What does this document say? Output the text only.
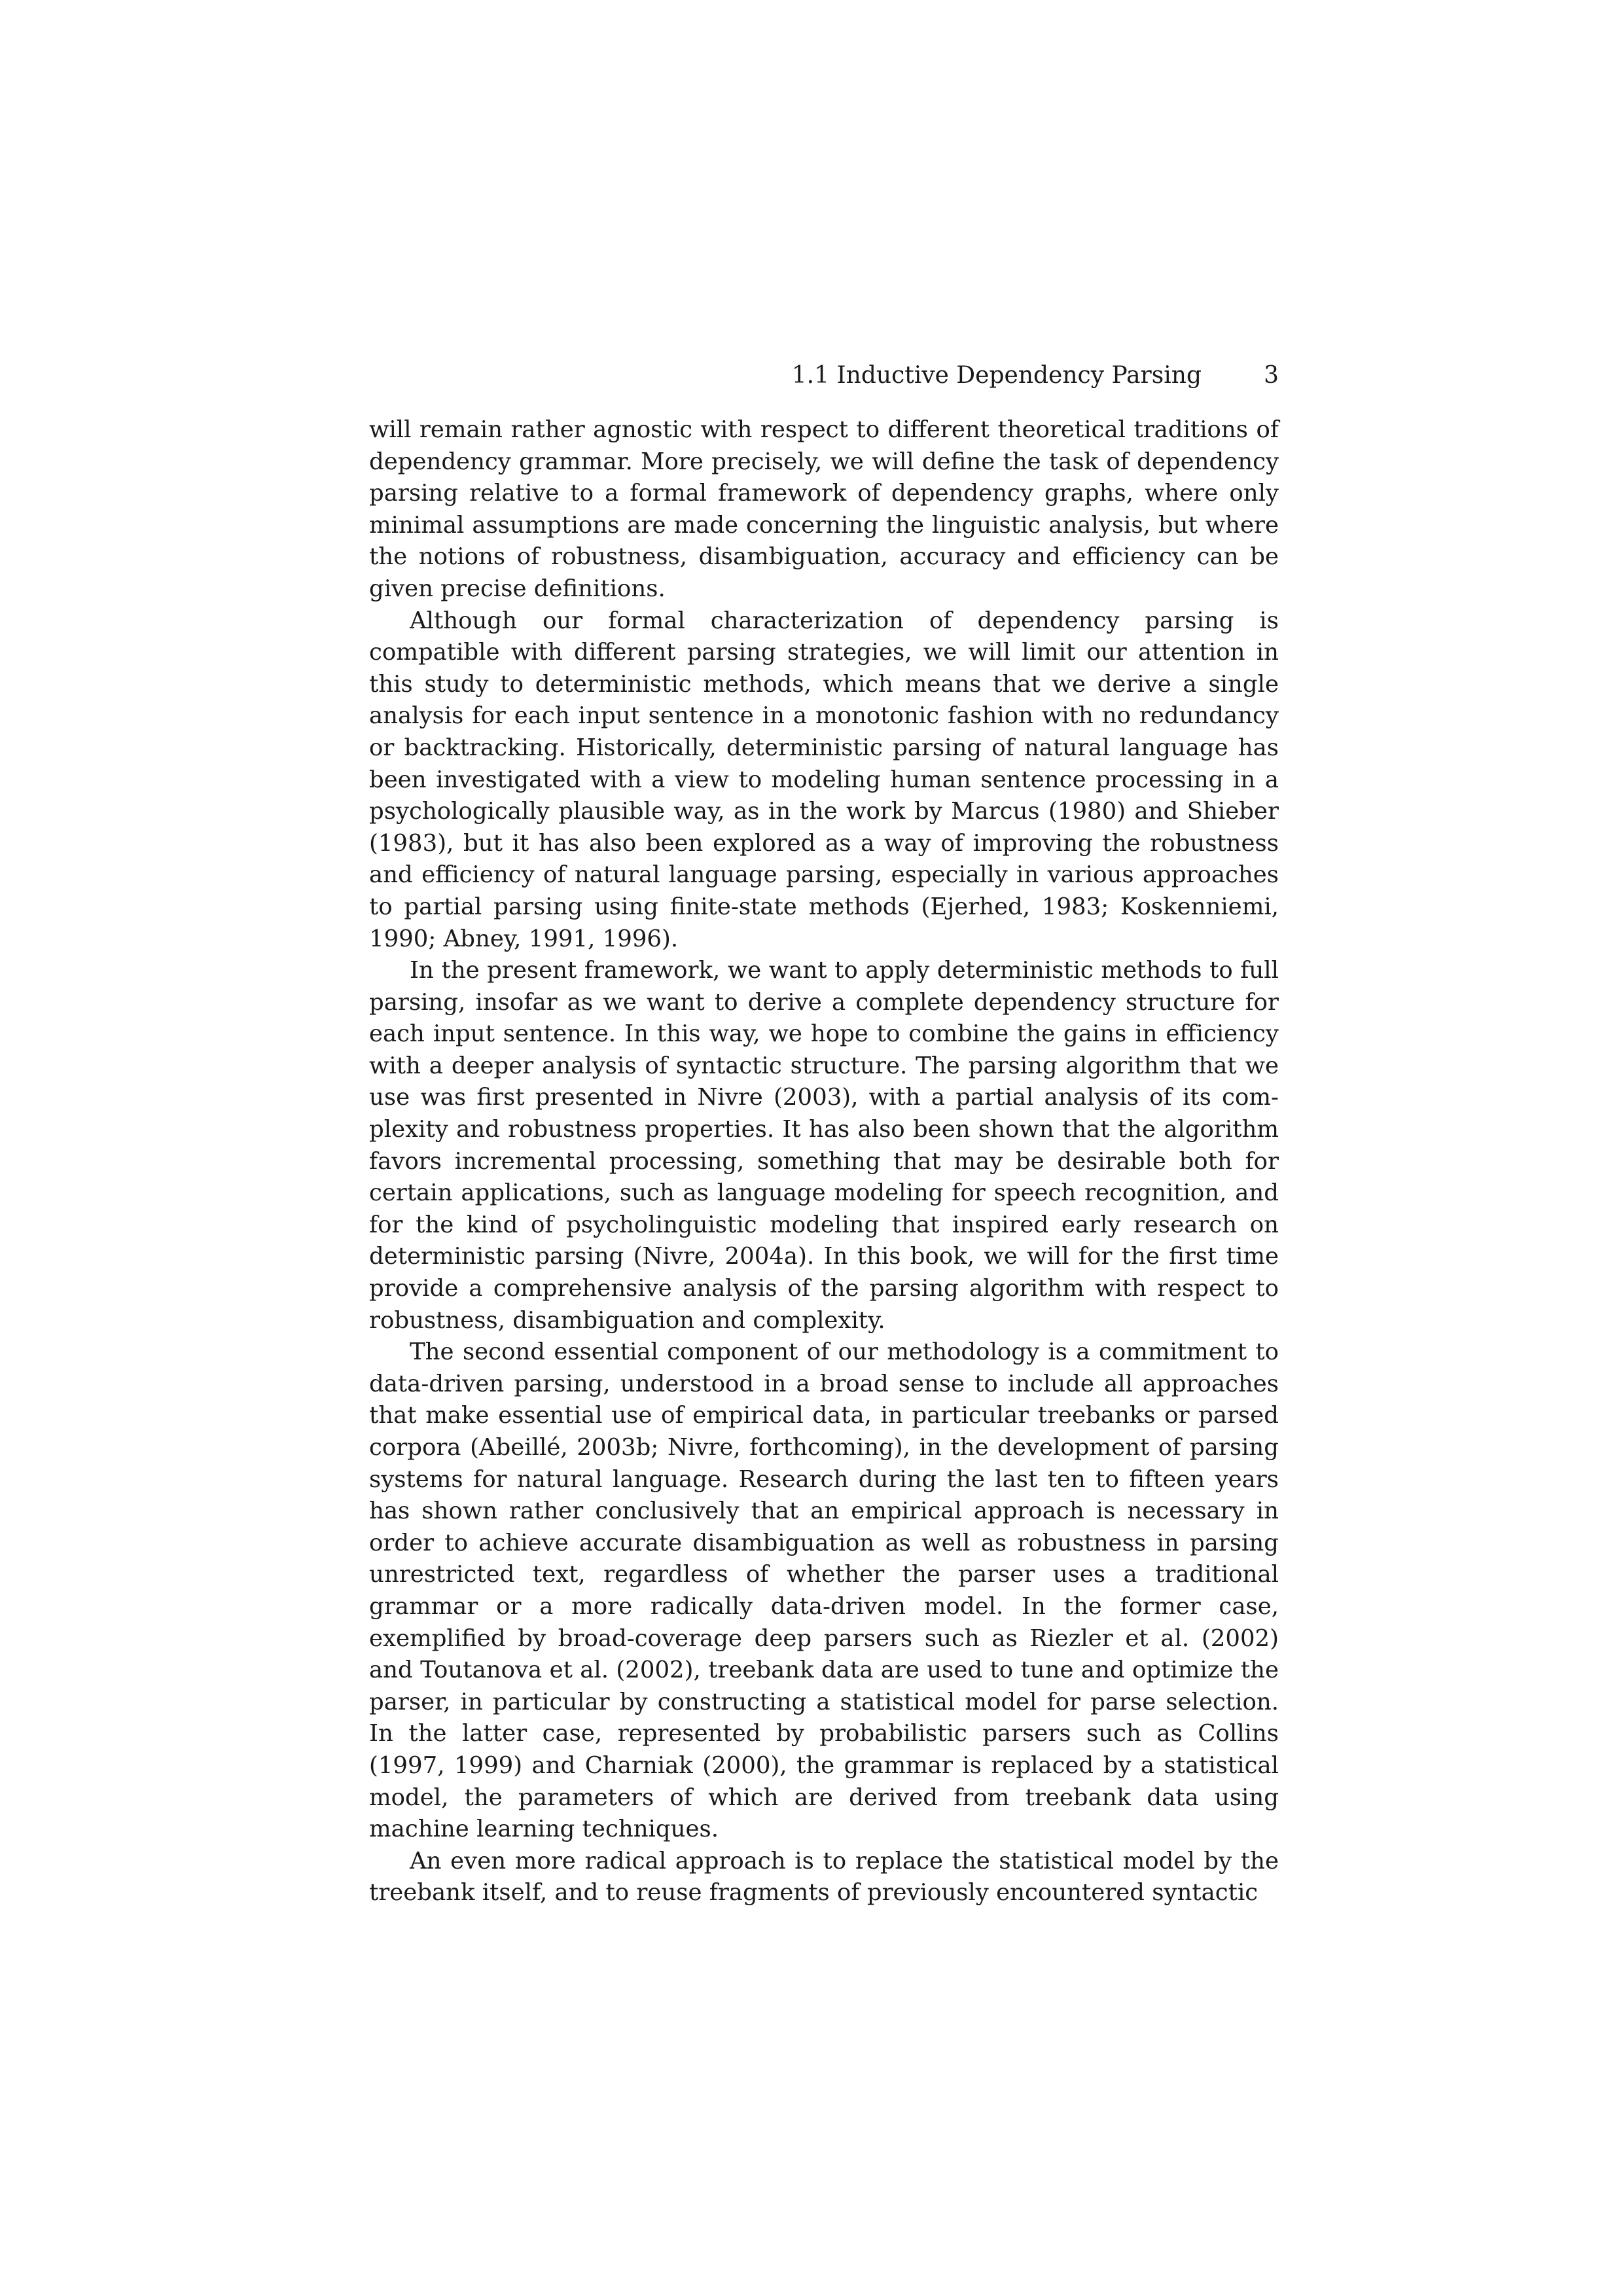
1.1 Inductive Dependency Parsing	3

will remain rather agnostic with respect to different theoretical traditions of dependency grammar. More precisely, we will define the task of dependency parsing relative to a formal framework of dependency graphs, where only minimal assumptions are made concerning the linguistic analysis, but where the notions of robustness, disambiguation, accuracy and efficiency can be given precise definitions.

Although our formal characterization of dependency parsing is compatible with different parsing strategies, we will limit our attention in this study to deterministic methods, which means that we derive a single analysis for each input sentence in a monotonic fashion with no redundancy or backtracking. Historically, deterministic parsing of natural language has been investigated with a view to modeling human sentence processing in a psychologically plausible way, as in the work by Marcus (1980) and Shieber (1983), but it has also been explored as a way of improving the robustness and efficiency of natural language parsing, especially in various approaches to partial parsing using finite-state methods (Ejerhed, 1983; Koskenniemi, 1990; Abney, 1991, 1996).

In the present framework, we want to apply deterministic methods to full parsing, insofar as we want to derive a complete dependency structure for each input sentence. In this way, we hope to combine the gains in efficiency with a deeper analysis of syntactic structure. The parsing algorithm that we use was first presented in Nivre (2003), with a partial analysis of its complexity and robustness properties. It has also been shown that the algorithm favors incremental processing, something that may be desirable both for certain applications, such as language modeling for speech recognition, and for the kind of psycholinguistic modeling that inspired early research on deterministic parsing (Nivre, 2004a). In this book, we will for the first time provide a comprehensive analysis of the parsing algorithm with respect to robustness, disambiguation and complexity.

The second essential component of our methodology is a commitment to data-driven parsing, understood in a broad sense to include all approaches that make essential use of empirical data, in particular treebanks or parsed corpora (Abeillé, 2003b; Nivre, forthcoming), in the development of parsing systems for natural language. Research during the last ten to fifteen years has shown rather conclusively that an empirical approach is necessary in order to achieve accurate disambiguation as well as robustness in parsing unrestricted text, regardless of whether the parser uses a traditional grammar or a more radically data-driven model. In the former case, exemplified by broad-coverage deep parsers such as Riezler et al. (2002) and Toutanova et al. (2002), treebank data are used to tune and optimize the parser, in particular by constructing a statistical model for parse selection. In the latter case, represented by probabilistic parsers such as Collins (1997, 1999) and Charniak (2000), the grammar is replaced by a statistical model, the parameters of which are derived from treebank data using machine learning techniques.

An even more radical approach is to replace the statistical model by the treebank itself, and to reuse fragments of previously encountered syntactic
